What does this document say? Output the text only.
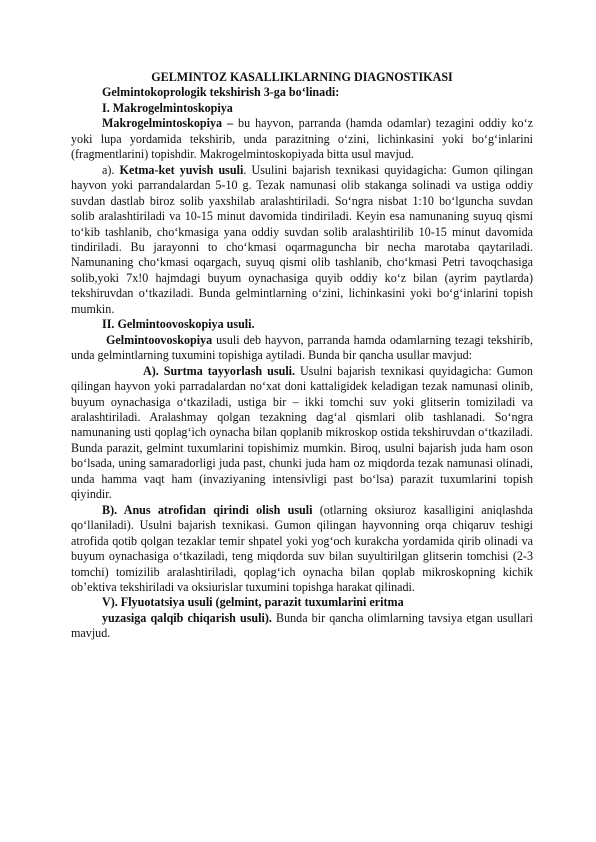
GELMINTOZ KASALLIKLARNING DIAGNOSTIKASI

Gelmintokoprologik tekshirish 3-ga bo‘linadi:

I. Makrogelmintoskopiya

Makrogelmintoskopiya – bu hayvon, parranda (hamda odamlar) tezagini oddiy ko‘z yoki lupa yordamida tekshirib, unda parazitning o‘zini, lichinkasini yoki bo‘g‘inlarini (fragmentlarini) topishdir. Makrogelmintoskopiyada bitta usul mavjud.

a). Ketma-ket yuvish usuli. Usulini bajarish texnikasi quyidagicha: Gumon qilingan hayvon yoki parrandalardan 5-10 g. Tezak namunasi olib stakanga solinadi va ustiga oddiy suvdan dastlab biroz solib yaxshilab aralashtiriladi. So‘ngra nisbat 1:10 bo‘lguncha suvdan solib aralashtiriladi va 10-15 minut davomida tindiriladi. Keyin esa namunaning suyuq qismi to‘kib tashlanib, cho‘kmasiga yana oddiy suvdan solib aralashtirilib 10-15 minut davomida tindiriladi. Bu jarayonni to cho‘kmasi oqarmaguncha bir necha marotaba qaytariladi. Namunaning cho‘kmasi oqargach, suyuq qismi olib tashlanib, cho‘kmasi Petri tavoqchasiga solib,yoki 7x!0 hajmdagi buyum oynachasiga quyib oddiy ko‘z bilan (ayrim paytlarda) tekshiruvdan o‘tkaziladi. Bunda gelmintlarning o‘zini, lichinkasini yoki bo‘g‘inlarini topish mumkin.

II. Gelmintoovoskopiya usuli.

Gelmintoovoskopiya usuli deb hayvon, parranda hamda odamlarning tezagi tekshirib, unda gelmintlarning tuxumini topishiga aytiladi. Bunda bir qancha usullar mavjud:

A). Surtma tayyorlash usuli. Usulni bajarish texnikasi quyidagicha: Gumon qilingan hayvon yoki parradalardan no‘xat doni kattaligidek keladigan tezak namunasi olinib, buyum oynachasiga o‘tkaziladi, ustiga bir – ikki tomchi suv yoki glitserin tomiziladi va aralashtiriladi. Aralashmay qolgan tezakning dag‘al qismlari olib tashlanadi. So‘ngra namunaning usti qoplag‘ich oynacha bilan qoplanib mikroskop ostida tekshiruvdan o‘tkaziladi. Bunda parazit, gelmint tuxumlarini topishimiz mumkin. Biroq, usulni bajarish juda ham oson bo‘lsada, uning samaradorligi juda past, chunki juda ham oz miqdorda tezak namunasi olinadi, unda hamma vaqt ham (invaziyaning intensivligi past bo‘lsa) parazit tuxumlarini topish qiyindir.

B). Anus atrofidan qirindi olish usuli (otlarning oksiuroz kasalligini aniqlashda qo‘llaniladi). Usulni bajarish texnikasi. Gumon qilingan hayvonning orqa chiqaruv teshigi atrofida qotib qolgan tezaklar temir shpatel yoki yog‘och kurakcha yordamida qirib olinadi va buyum oynachasiga o‘tkaziladi, teng miqdorda suv bilan suyultirilgan glitserin tomchisi (2-3 tomchi) tomizilib aralashtiriladi, qoplag‘ich oynacha bilan qoplab mikroskopning kichik ob’ektiva tekshiriladi va oksiurislar tuxumini topishga harakat qilinadi.

V). Flyuotatsiya usuli (gelmint, parazit tuxumlarini eritma

yuzasiga qalqib chiqarish usuli). Bunda bir qancha olimlarning tavsiya etgan usullari mavjud.
